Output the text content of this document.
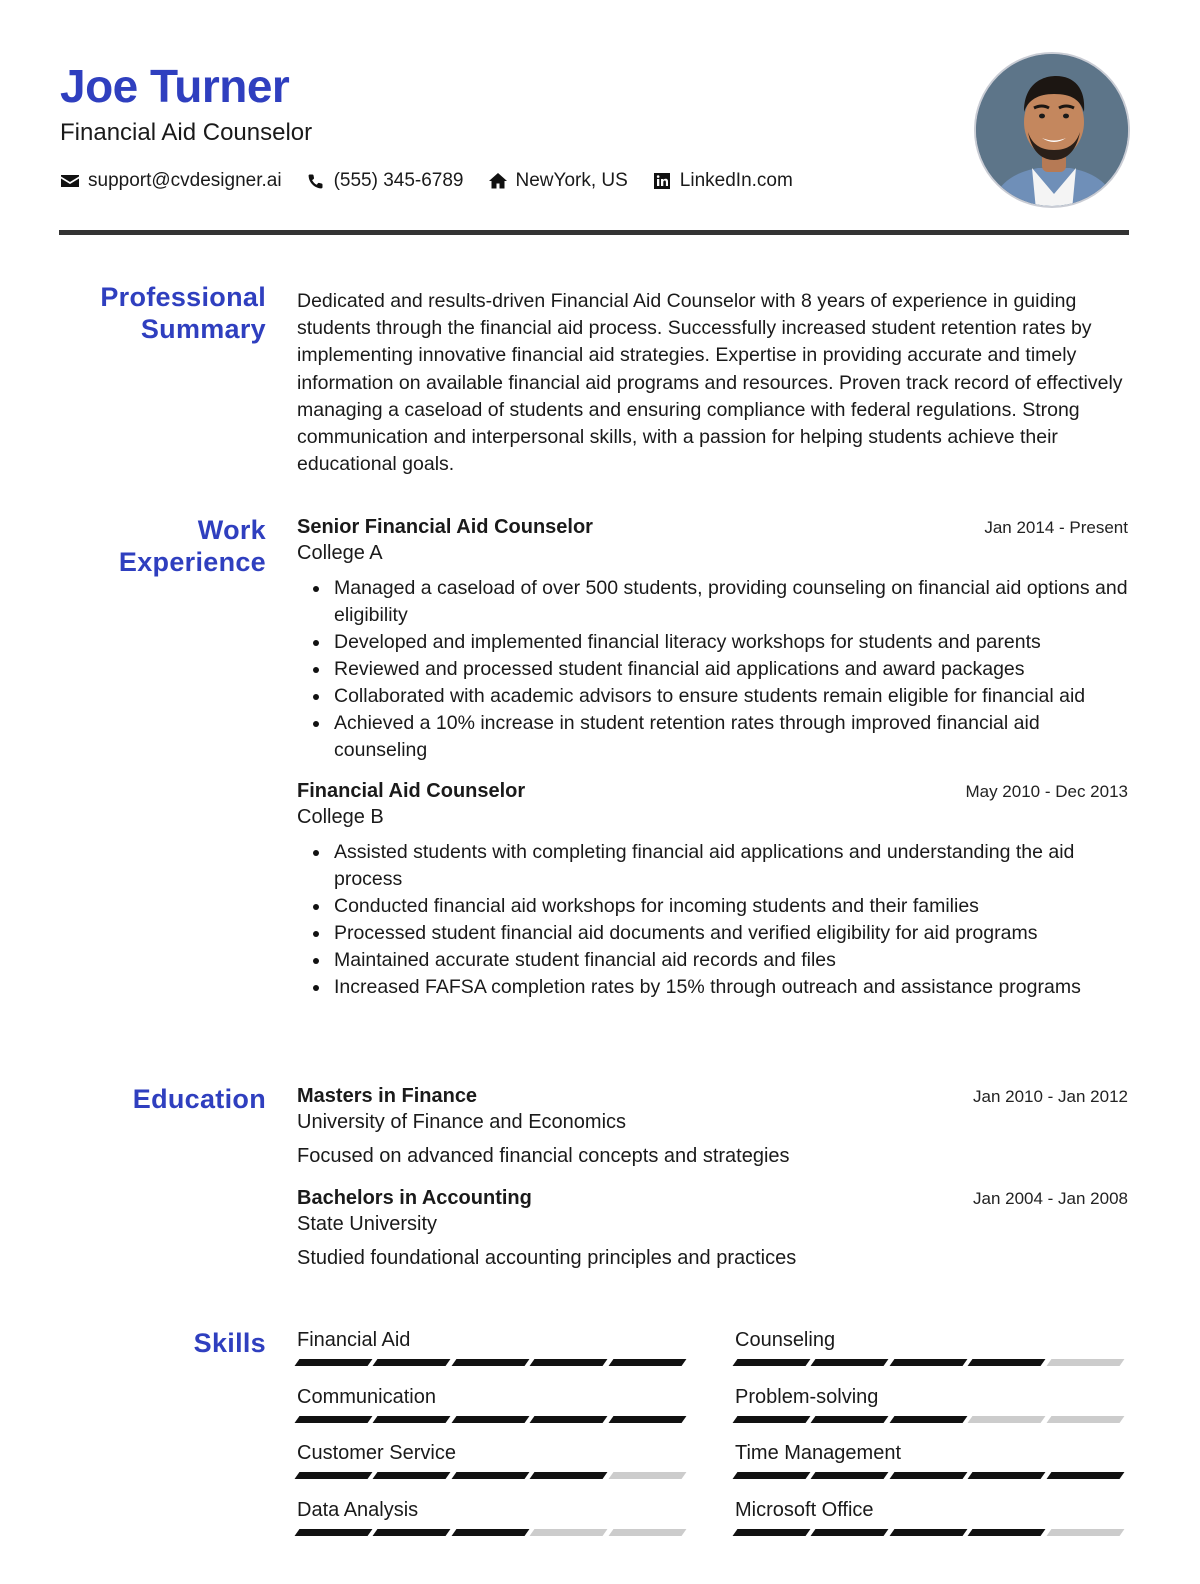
Joe Turner
Financial Aid Counselor
support@cvdesigner.ai	(555) 345-6789	NewYork, US	LinkedIn.com
Professional Summary

Dedicated and results-driven Financial Aid Counselor with 8 years of experience in guiding students through the financial aid process. Successfully increased student retention rates by implementing innovative financial aid strategies. Expertise in providing accurate and timely information on available financial aid programs and resources. Proven track record of effectively managing a caseload of students and ensuring compliance with federal regulations. Strong communication and interpersonal skills, with a passion for helping students achieve their educational goals.

Work Experience
Senior Financial Aid Counselor	Jan 2014 - Present
College A
Managed a caseload of over 500 students, providing counseling on financial aid options and eligibility
Developed and implemented financial literacy workshops for students and parents
Reviewed and processed student financial aid applications and award packages
Collaborated with academic advisors to ensure students remain eligible for financial aid
Achieved a 10% increase in student retention rates through improved financial aid counseling
Financial Aid Counselor	May 2010 - Dec 2013
College B
Assisted students with completing financial aid applications and understanding the aid process
Conducted financial aid workshops for incoming students and their families
Processed student financial aid documents and verified eligibility for aid programs
Maintained accurate student financial aid records and files
Increased FAFSA completion rates by 15% through outreach and assistance programs
Education Masters in Finance	Jan 2010 - Jan 2012
University of Finance and Economics
Focused on advanced financial concepts and strategies
Bachelors in Accounting	Jan 2004 - Jan 2008
State University
Studied foundational accounting principles and practices
Skills Financial Aid	Counseling
Communication	Problem-solving
Customer Service	Time Management
Data Analysis	Microsoft Office
